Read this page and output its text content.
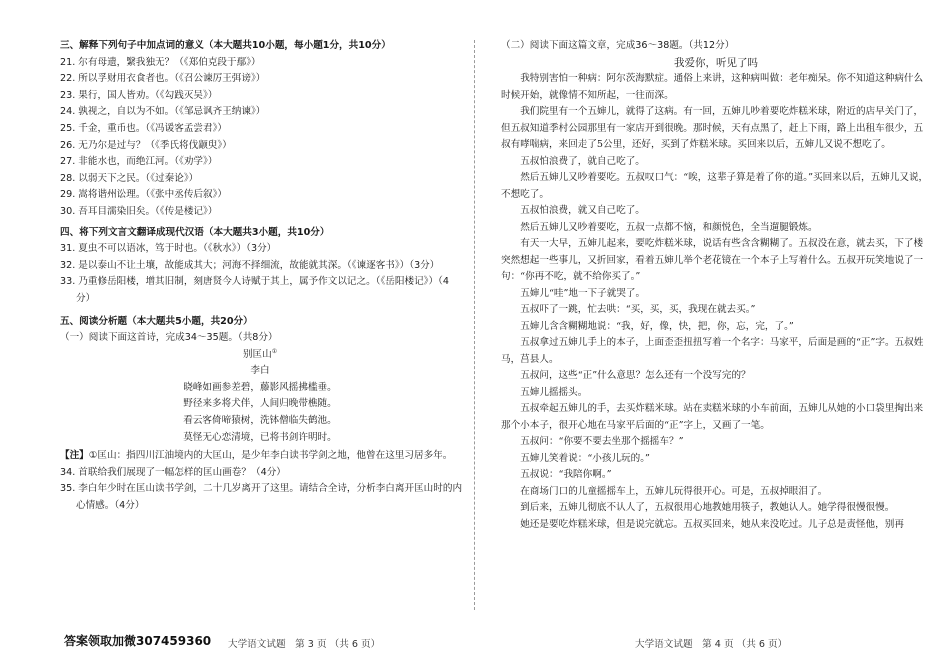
三、解释下列句子中加点词的意义（本大题共10小题，每小题1分，共10分）
21. 尔有母遗，繄我独无？（《郑伯克段于鄢》）
22. 所以孚财用衣食者也。（《召公谏厉王弭谤》）
23. 果行，国人皆劝。（《勾践灭吴》）
24. 孰视之，自以为不如。（《邹忌讽齐王纳谏》）
25. 千金，重币也。（《冯谖客孟尝君》）
26. 无乃尔是过与？（《季氏将伐颛臾》）
27. 非能水也，而绝江河。（《劝学》）
28. 以弱天下之民。（《过秦论》）
29. 嵩将谐州讼理。（《张中丞传后叙》）
30. 吾耳目濡染旧矣。（《传是楼记》）
四、将下列文言文翻译成现代汉语（本大题共3小题，共10分）
31. 夏虫不可以语冰，笃于时也。（《秋水》）（3分）
32. 是以泰山不让土壤，故能成其大；河海不择细流，故能就其深。（《谏逐客书》）（3分）
33. 乃重修岳阳楼，增其旧制，刻唐贤今人诗赋于其上，属予作文以记之。（《岳阳楼记》）（4
分）
五、阅读分析题（本大题共5小题，共20分）
（一）阅读下面这首诗，完成34～35题。（共8分）
别匡山①
李白
晓峰如画参差碧，藤影风摇拂槛垂。
野径来多将犬伴，人间归晚带樵随。
看云客倚啼猿树，洗钵僧临失鹤池。
莫怪无心恋清境，已将书剑许明时。
【注】①匡山：指四川江油境内的大匡山，是少年李白读书学剑之地，他曾在这里习居多年。
34. 首联给我们展现了一幅怎样的匡山画卷？（4分）
35. 李白年少时在匡山读书学剑，二十几岁离开了这里。请结合全诗，分析李白离开匡山时的内
心情感。（4分）
大学语文试题　第 3 页 （共 6 页）
（二）阅读下面这篇文章，完成36～38题。（共12分）
我爱你，听见了吗
我特别害怕一种病：阿尔茨海默症。通俗上来讲，这种病叫做：老年痴呆。你不知道这种病什么时候开始，就像情不知所起，一往而深。
我们院里有一个五婶儿，就得了这病。有一回，五婶儿吵着要吃炸糕米球，附近的店早关门了，但五叔知道季村公园那里有一家店开到很晚。那时候，天有点黑了，赶上下雨，路上出租车很少，五叔有哮喘病，来回走了5公里，还好，买到了炸糕米球。买回来以后，五婶儿又说不想吃了。
五叔怕浪费了，就自己吃了。
然后五婶儿又吵着要吃。五叔叹口气：“唉，这辈子算是着了你的道。”买回来以后，五婶儿又说，不想吃了。
五叔怕浪费，就又自己吃了。
然后五婶儿又吵着要吃，五叔一点都不恼，和颜悦色，全当遛腿锻炼。
有天一大早，五婶儿起来，要吃炸糕米球，说话有些含含糊糊了。五叔没在意，就去买，下了楼突然想起一些事儿，又折回家，看着五婶儿举个老花镜在一个本子上写着什么。五叔开玩笑地说了一句：“你再不吃，就不给你买了。”
五婶儿“哇”地一下子就哭了。
五叔吓了一跳，忙去哄：“买，买，买，我现在就去买。”
五婶儿含含糊糊地说：“我，好，像，快，把，你，忘，完，了。”
五叔拿过五婶儿手上的本子，上面歪歪扭扭写着一个名字：马家平，后面是画的“正”字。五叔姓马，莒县人。
五叔问，这些“正”什么意思？怎么还有一个没写完的？
五婶儿摇摇头。
五叔牵起五婶儿的手，去买炸糕米球。站在卖糕米球的小车前面，五婶儿从她的小口袋里掏出来那个小本子，很开心地在马家平后面的“正”字上，又画了一笔。
五叔问：“你要不要去坐那个摇摇车？”
五婶儿笑着说：“小孩儿玩的。”
五叔说：“我陪你啊。”
在商场门口的儿童摇摇车上，五婶儿玩得很开心。可是，五叔掉眼泪了。
到后来，五婶儿彻底不认人了，五叔很用心地教她用筷子，教她认人。她学得很慢很慢。
她还是要吃炸糕米球，但是说完就忘。五叔买回来，她从来没吃过。儿子总是责怪他，别再
大学语文试题　第 4 页 （共 6 页）
答案领取加微307459360
